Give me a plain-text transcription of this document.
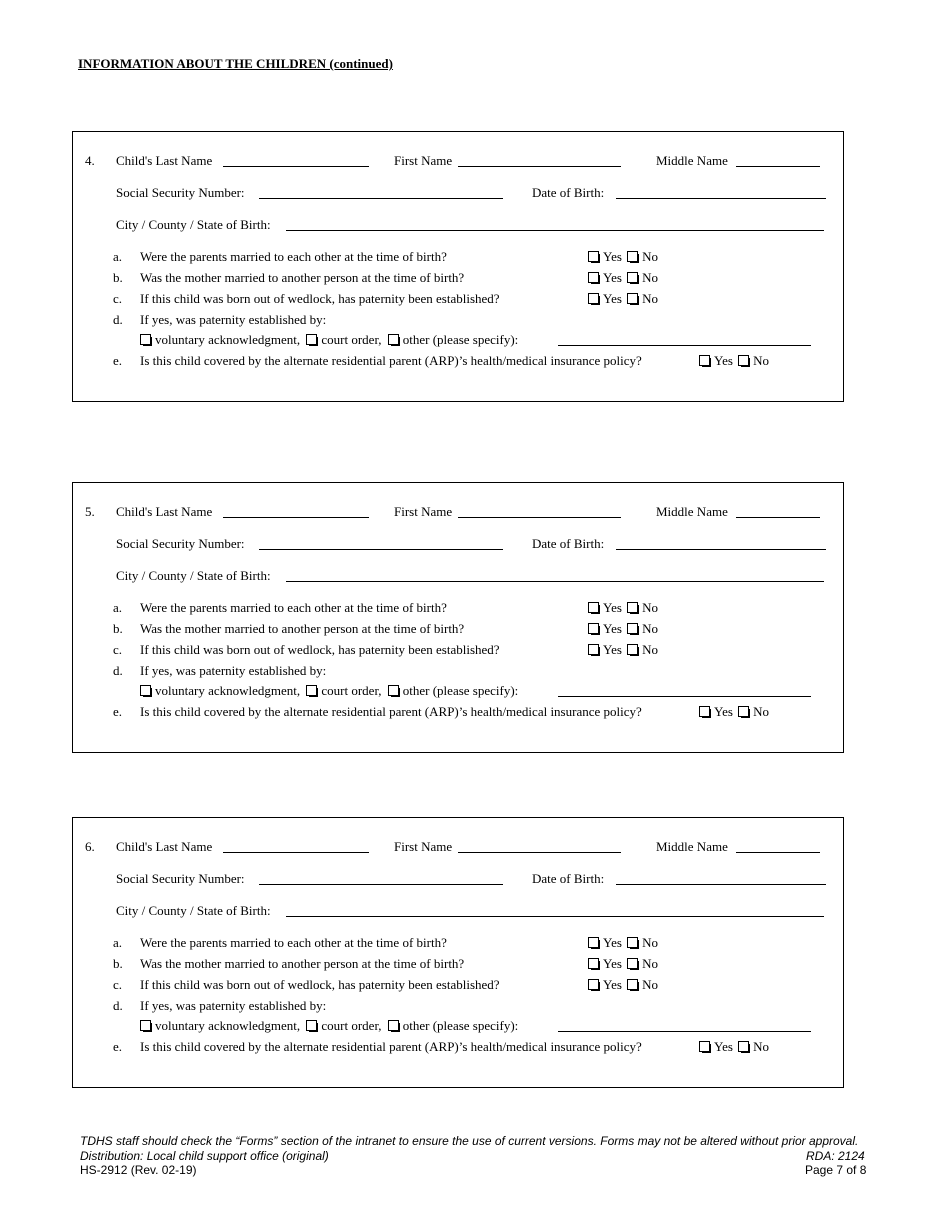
INFORMATION ABOUT THE CHILDREN (continued)
4. Child's Last Name	First Name	Middle Name
Social Security Number:	Date of Birth:
City / County / State of Birth:
a. Were the parents married to each other at the time of birth?	Yes No
b. Was the mother married to another person at the time of birth?	Yes No
c. If this child was born out of wedlock, has paternity been established?	Yes No
d. If yes, was paternity established by:
voluntary acknowledgment, court order, other (please specify):
e. Is this child covered by the alternate residential parent (ARP)’s health/medical insurance policy?	Yes No
5. Child's Last Name	First Name	Middle Name
Social Security Number:	Date of Birth:
City / County / State of Birth:
a. Were the parents married to each other at the time of birth?	Yes No
b. Was the mother married to another person at the time of birth?	Yes No
c. If this child was born out of wedlock, has paternity been established?	Yes No
d. If yes, was paternity established by:
voluntary acknowledgment, court order, other (please specify):
e. Is this child covered by the alternate residential parent (ARP)’s health/medical insurance policy?	Yes No
6. Child's Last Name	First Name	Middle Name
Social Security Number:	Date of Birth:
City / County / State of Birth:
a. Were the parents married to each other at the time of birth?	Yes No
b. Was the mother married to another person at the time of birth?	Yes No
c. If this child was born out of wedlock, has paternity been established?	Yes No
d. If yes, was paternity established by:
voluntary acknowledgment, court order, other (please specify):
e. Is this child covered by the alternate residential parent (ARP)’s health/medical insurance policy?	Yes No
TDHS staff should check the “Forms” section of the intranet to ensure the use of current versions. Forms may not be altered without prior approval.
Distribution: Local child support office (original)	RDA: 2124
HS-2912 (Rev. 02-19)	Page 7 of 8
